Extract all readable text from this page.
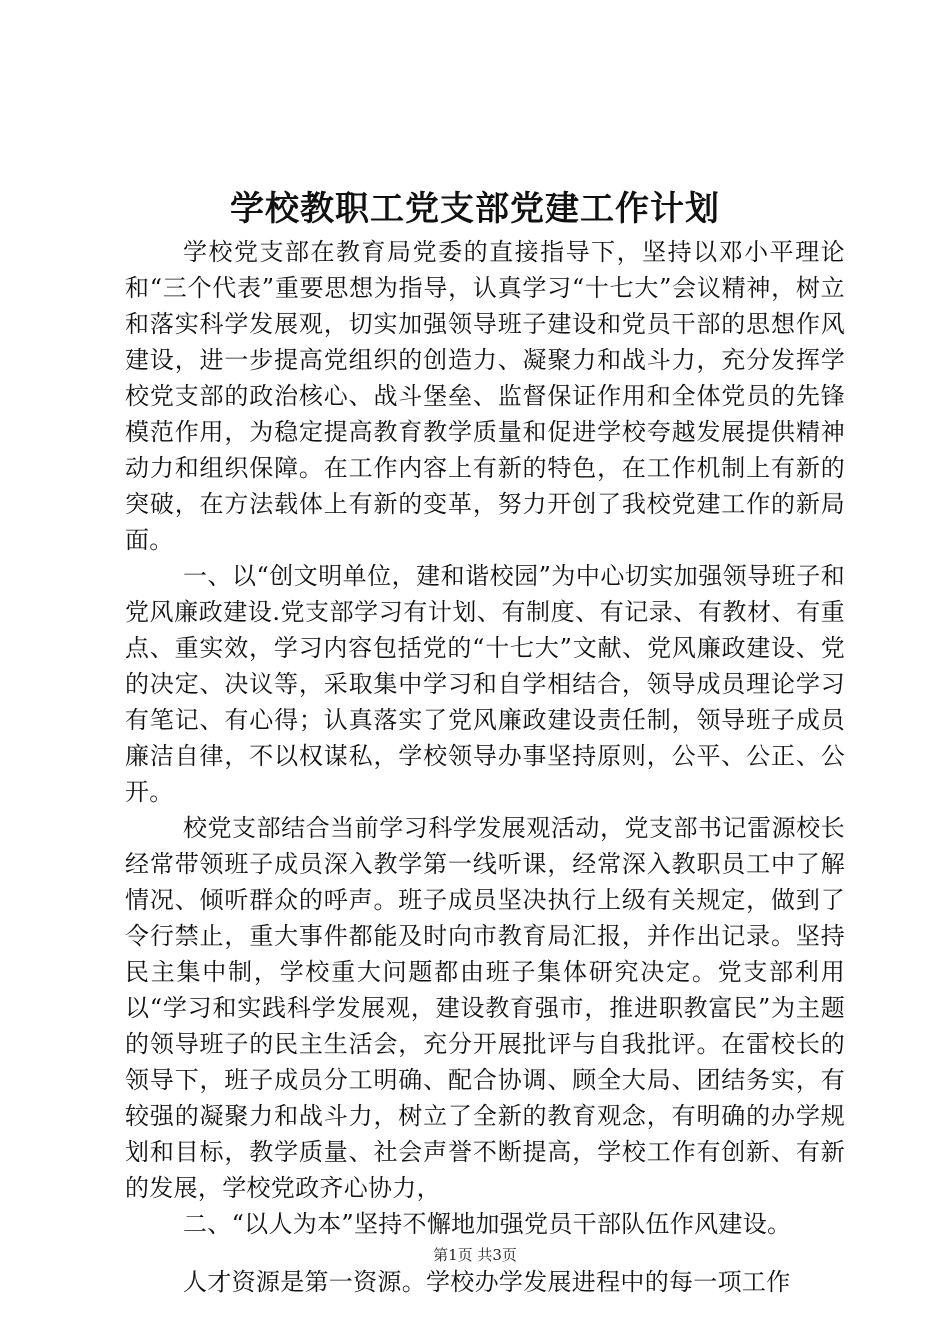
学校教职工党支部党建工作计划

学校党支部在教育局党委的直接指导下，坚持以邓小平理论和“三个代表”重要思想为指导，认真学习“十七大”会议精神，树立和落实科学发展观，切实加强领导班子建设和党员干部的思想作风建设，进一步提高党组织的创造力、凝聚力和战斗力，充分发挥学校党支部的政治核心、战斗堡垒、监督保证作用和全体党员的先锋模范作用，为稳定提高教育教学质量和促进学校夸越发展提供精神动力和组织保障。在工作内容上有新的特色，在工作机制上有新的突破，在方法载体上有新的变革，努力开创了我校党建工作的新局面。

一、以“创文明单位，建和谐校园”为中心切实加强领导班子和党风廉政建设.党支部学习有计划、有制度、有记录、有教材、有重点、重实效，学习内容包括党的“十七大”文献、党风廉政建设、党的决定、决议等，采取集中学习和自学相结合，领导成员理论学习有笔记、有心得；认真落实了党风廉政建设责任制，领导班子成员廉洁自律，不以权谋私，学校领导办事坚持原则，公平、公正、公开。

校党支部结合当前学习科学发展观活动，党支部书记雷源校长经常带领班子成员深入教学第一线听课，经常深入教职员工中了解情况、倾听群众的呼声。班子成员坚决执行上级有关规定，做到了令行禁止，重大事件都能及时向市教育局汇报，并作出记录。坚持民主集中制，学校重大问题都由班子集体研究决定。党支部利用以“学习和实践科学发展观，建设教育强市，推进职教富民”为主题的领导班子的民主生活会，充分开展批评与自我批评。在雷校长的领导下，班子成员分工明确、配合协调、顾全大局、团结务实，有较强的凝聚力和战斗力，树立了全新的教育观念，有明确的办学规划和目标，教学质量、社会声誉不断提高，学校工作有创新、有新的发展，学校党政齐心协力，

二、“以人为本”坚持不懈地加强党员干部队伍作风建设。

人才资源是第一资源。学校办学发展进程中的每一项工作

第1页 共3页
